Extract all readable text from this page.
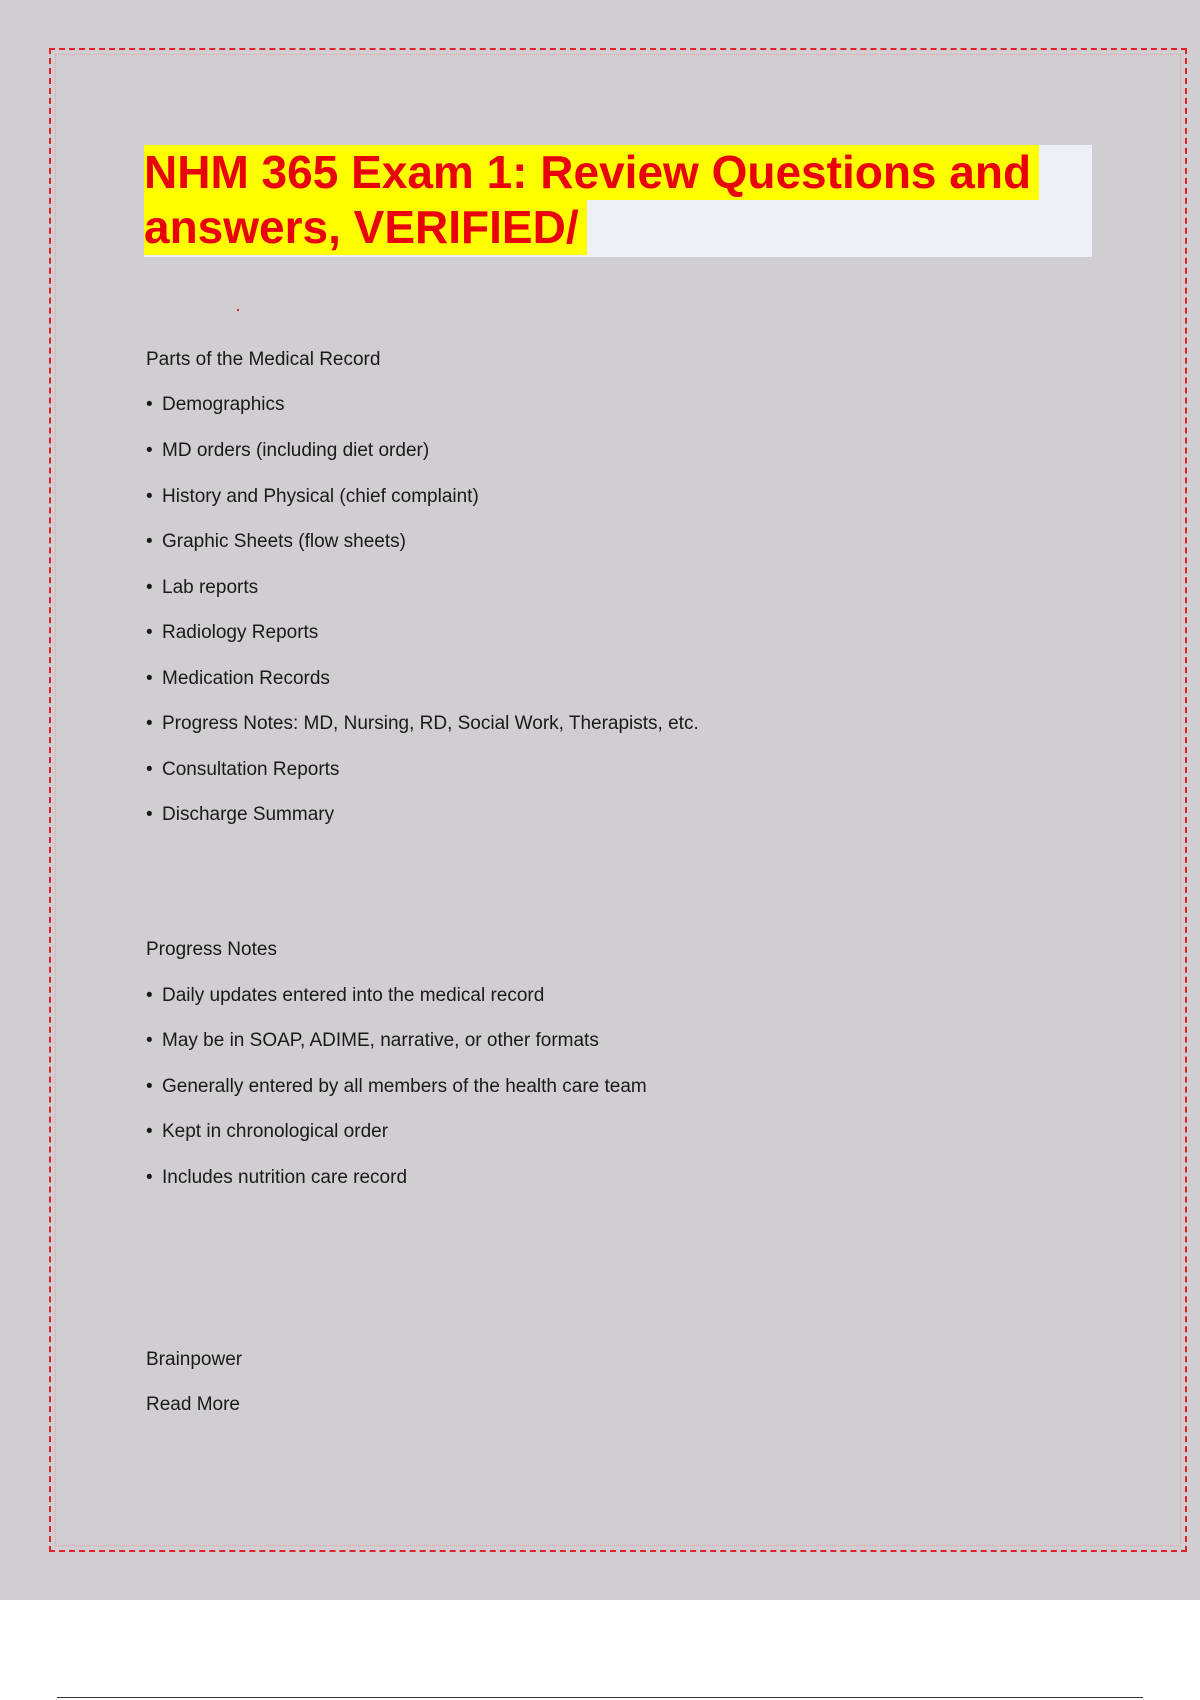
NHM 365 Exam 1: Review Questions and
answers, VERIFIED/
Parts of the Medical Record
• Demographics
• MD orders (including diet order)
• History and Physical (chief complaint)
• Graphic Sheets (flow sheets)
• Lab reports
• Radiology Reports
• Medication Records
• Progress Notes: MD, Nursing, RD, Social Work, Therapists, etc.
• Consultation Reports
• Discharge Summary
Progress Notes
• Daily updates entered into the medical record
• May be in SOAP, ADIME, narrative, or other formats
• Generally entered by all members of the health care team
• Kept in chronological order
• Includes nutrition care record
Brainpower
Read More
